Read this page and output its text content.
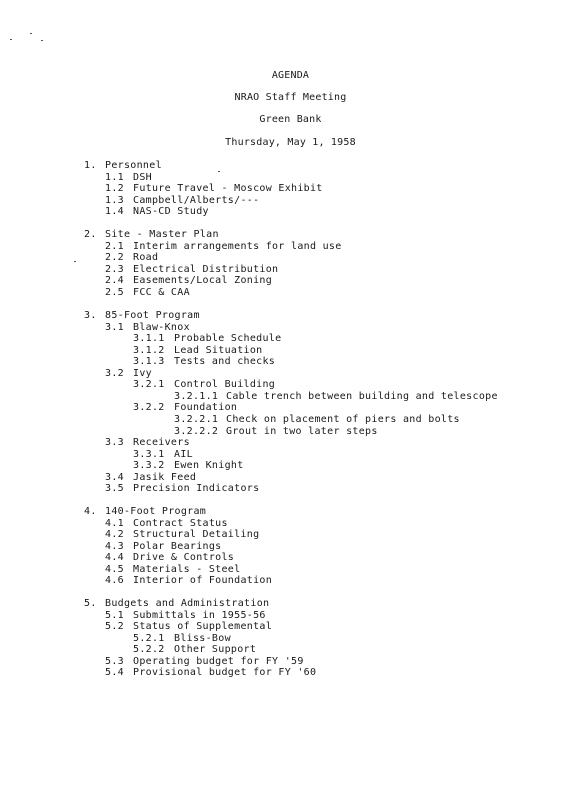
AGENDA
NRAO Staff Meeting
Green Bank
Thursday, May 1, 1958
1. Personnel
1.1 DSH
1.2 Future Travel - Moscow Exhibit
1.3 Campbell/Alberts/---
1.4 NAS-CD Study
2. Site - Master Plan
2.1 Interim arrangements for land use
2.2 Road
2.3 Electrical Distribution
2.4 Easements/Local Zoning
2.5 FCC & CAA
3. 85-Foot Program
3.1 Blaw-Knox
3.1.1 Probable Schedule
3.1.2 Lead Situation
3.1.3 Tests and checks
3.2 Ivy
3.2.1 Control Building
3.2.1.1 Cable trench between building and telescope
3.2.2 Foundation
3.2.2.1 Check on placement of piers and bolts
3.2.2.2 Grout in two later steps
3.3 Receivers
3.3.1 AIL
3.3.2 Ewen Knight
3.4 Jasik Feed
3.5 Precision Indicators
4. 140-Foot Program
4.1 Contract Status
4.2 Structural Detailing
4.3 Polar Bearings
4.4 Drive & Controls
4.5 Materials - Steel
4.6 Interior of Foundation
5. Budgets and Administration
5.1 Submittals in 1955-56
5.2 Status of Supplemental
5.2.1 Bliss-Bow
5.2.2 Other Support
5.3 Operating budget for FY '59
5.4 Provisional budget for FY '60
